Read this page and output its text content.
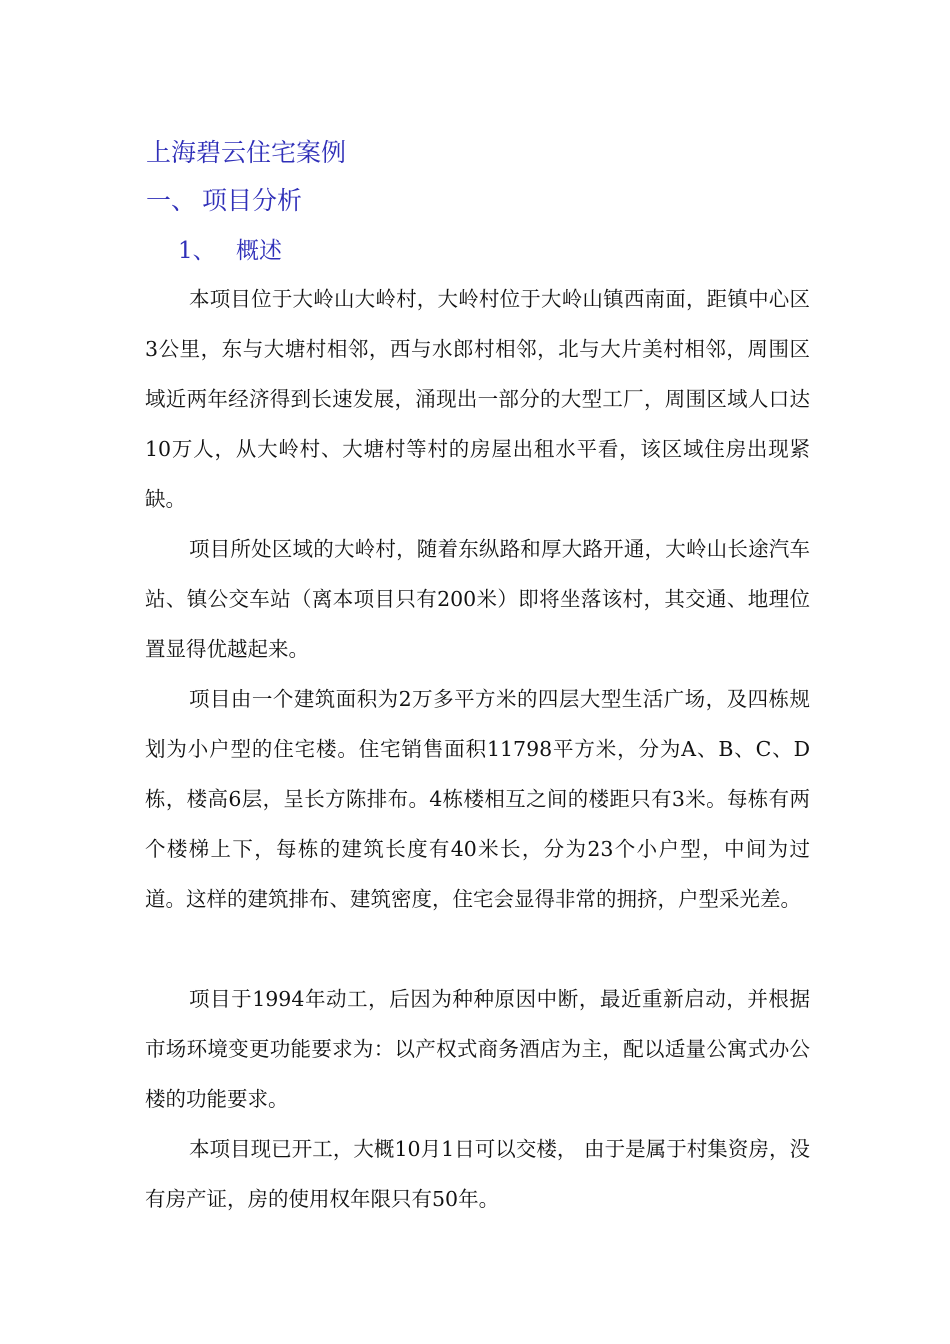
上海碧云住宅案例
一、 项目分析
1、 概述

本项目位于大岭山大岭村，大岭村位于大岭山镇西南面，距镇中心区3公里，东与大塘村相邻，西与水郎村相邻，北与大片美村相邻，周围区域近两年经济得到长速发展，涌现出一部分的大型工厂，周围区域人口达10万人，从大岭村、大塘村等村的房屋出租水平看，该区域住房出现紧缺。

项目所处区域的大岭村，随着东纵路和厚大路开通，大岭山长途汽车站、镇公交车站（离本项目只有200米）即将坐落该村，其交通、地理位置显得优越起来。

项目由一个建筑面积为2万多平方米的四层大型生活广场，及四栋规划为小户型的住宅楼。住宅销售面积11798平方米，分为A、B、C、D栋，楼高6层，呈长方陈排布。4栋楼相互之间的楼距只有3米。每栋有两个楼梯上下，每栋的建筑长度有40米长，分为23个小户型，中间为过道。这样的建筑排布、建筑密度，住宅会显得非常的拥挤，户型采光差。

项目于1994年动工，后因为种种原因中断，最近重新启动，并根据市场环境变更功能要求为：以产权式商务酒店为主，配以适量公寓式办公楼的功能要求。

本项目现已开工，大概10月1日可以交楼， 由于是属于村集资房，没有房产证，房的使用权年限只有50年。
